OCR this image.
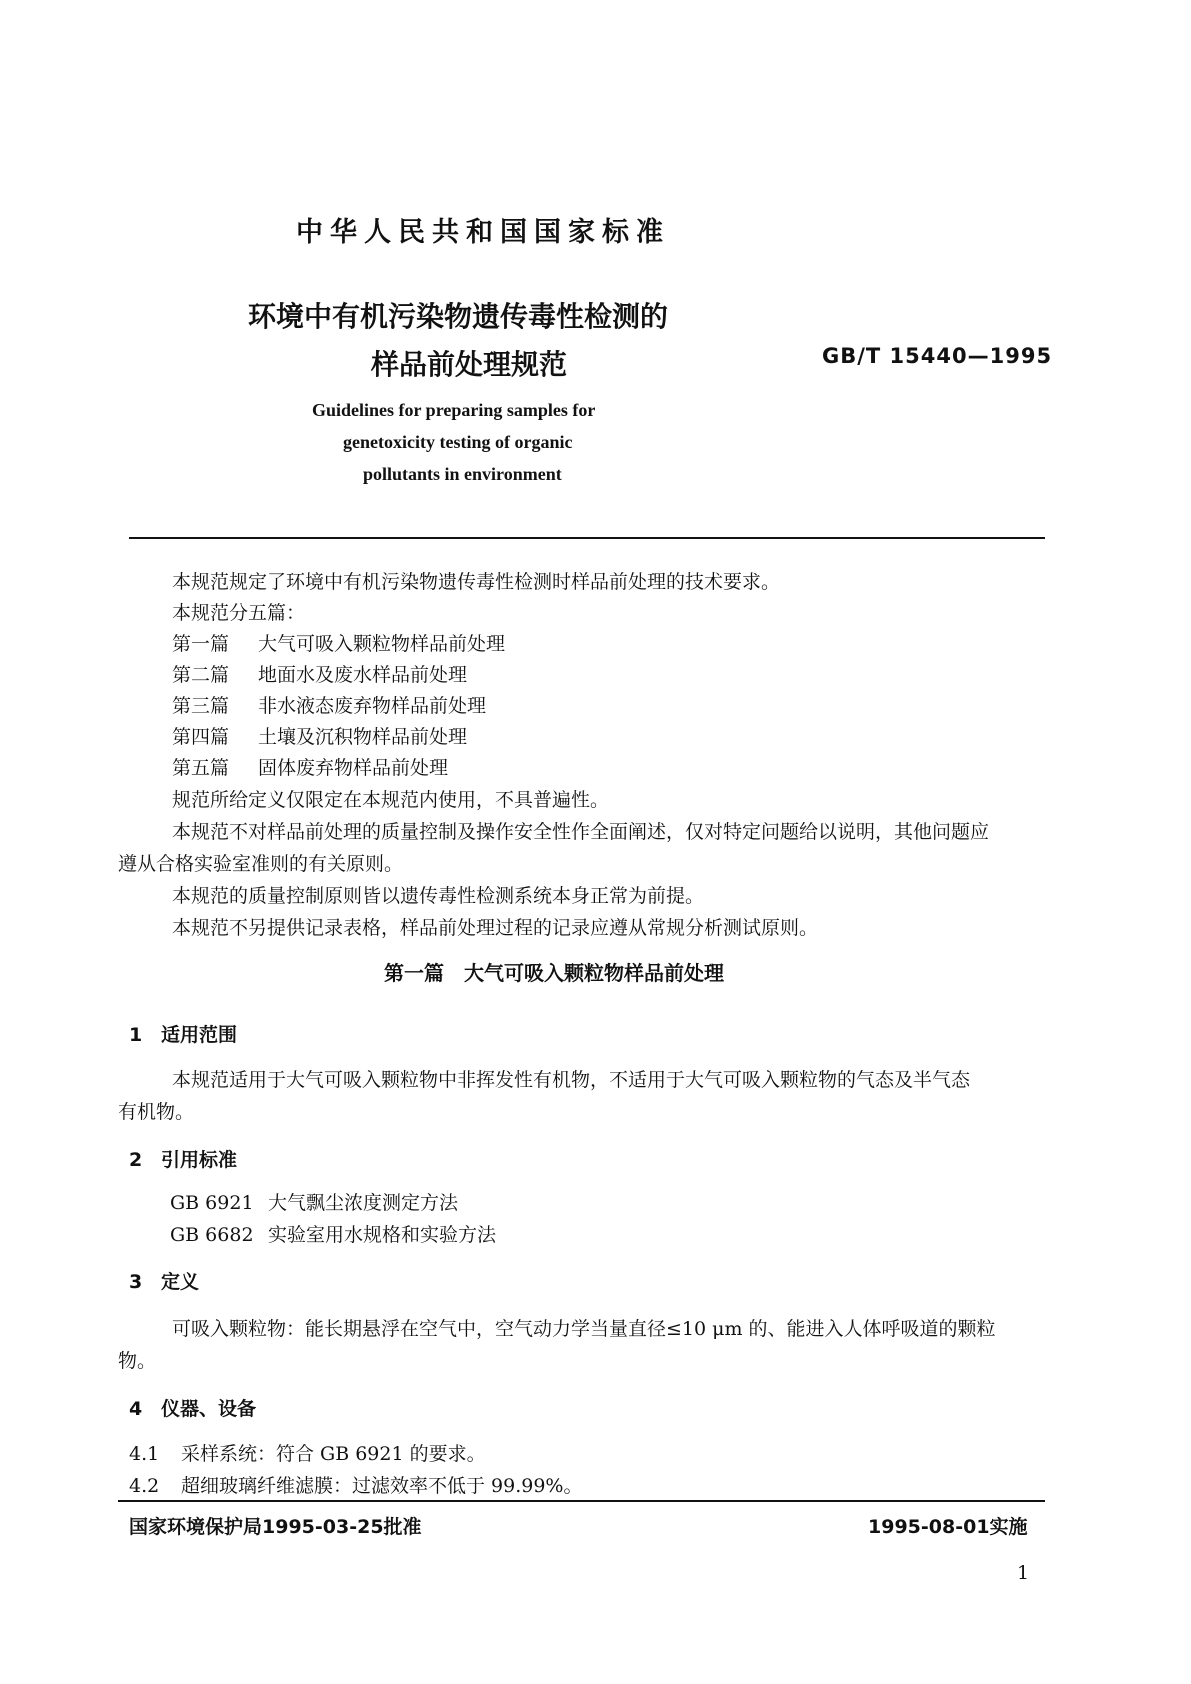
中华人民共和国国家标准
环境中有机污染物遗传毒性检测的
样品前处理规范	GB/T 15440—1995
Guidelines for preparing samples for
genetoxicity testing of organic
pollutants in environment
本规范规定了环境中有机污染物遗传毒性检测时样品前处理的技术要求。
本规范分五篇：
第一篇 大气可吸入颗粒物样品前处理
第二篇 地面水及废水样品前处理
第三篇 非水液态废弃物样品前处理
第四篇 土壤及沉积物样品前处理
第五篇 固体废弃物样品前处理
规范所给定义仅限定在本规范内使用，不具普遍性。
本规范不对样品前处理的质量控制及操作安全性作全面阐述，仅对特定问题给以说明，其他问题应
遵从合格实验室准则的有关原则。
本规范的质量控制原则皆以遗传毒性检测系统本身正常为前提。
本规范不另提供记录表格，样品前处理过程的记录应遵从常规分析测试原则。
第一篇　大气可吸入颗粒物样品前处理
1 适用范围
本规范适用于大气可吸入颗粒物中非挥发性有机物，不适用于大气可吸入颗粒物的气态及半气态
有机物。
2 引用标准
GB 6921 大气飘尘浓度测定方法
GB 6682 实验室用水规格和实验方法
3 定义
可吸入颗粒物：能长期悬浮在空气中，空气动力学当量直径≤10 μm 的、能进入人体呼吸道的颗粒
物。
4 仪器、设备
4.1 采样系统：符合 GB 6921 的要求。
4.2 超细玻璃纤维滤膜：过滤效率不低于 99.99%。
国家环境保护局1995-03-25批准	1995-08-01实施
1
